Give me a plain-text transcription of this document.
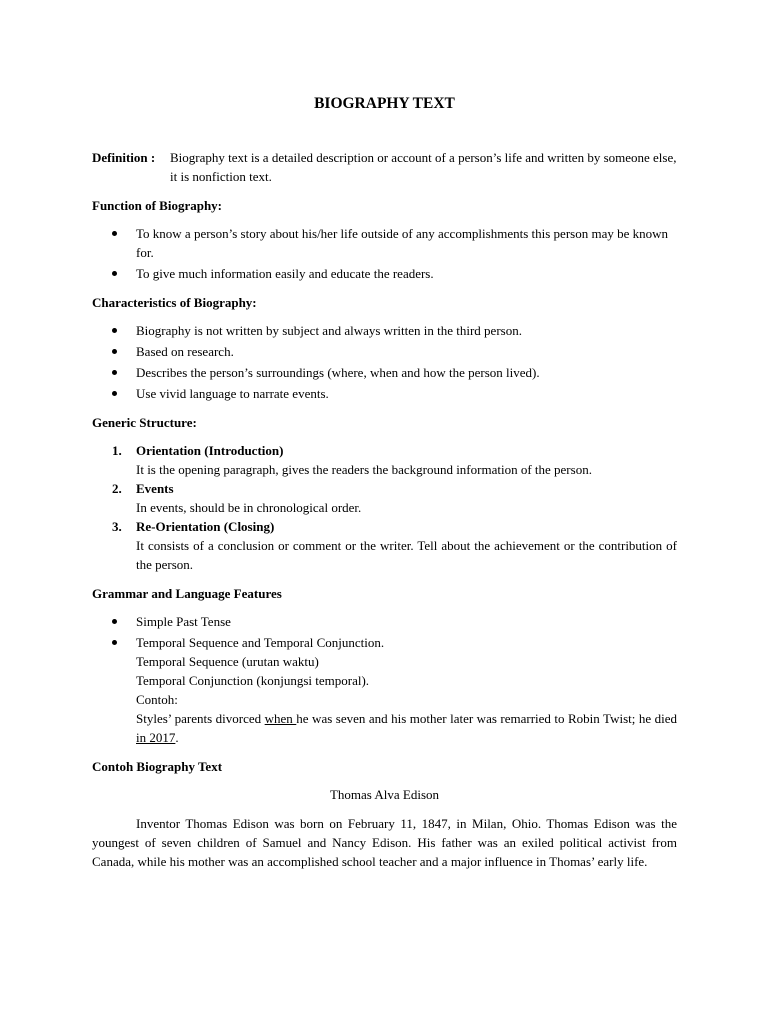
BIOGRAPHY TEXT
Definition :	Biography text is a detailed description or account of a person’s life and written by someone else, it is nonfiction text.
Function of Biography:
To know a person’s story about his/her life outside of any accomplishments this person may be known for.
To give much information easily and educate the readers.
Characteristics of Biography:
Biography is not written by subject and always written in the third person.
Based on research.
Describes the person’s surroundings (where, when and how the person lived).
Use vivid language to narrate events.
Generic Structure:
1. Orientation (Introduction)
It is the opening paragraph, gives the readers the background information of the person.
2. Events
In events, should be in chronological order.
3. Re-Orientation (Closing)
It consists of a conclusion or comment or the writer. Tell about the achievement or the contribution of the person.
Grammar and Language Features
Simple Past Tense
Temporal Sequence and Temporal Conjunction.
Temporal Sequence (urutan waktu)
Temporal Conjunction (konjungsi temporal).
Contoh:
Styles’ parents divorced when he was seven and his mother later was remarried to Robin Twist; he died in 2017.
Contoh Biography Text
Thomas Alva Edison
Inventor Thomas Edison was born on February 11, 1847, in Milan, Ohio. Thomas Edison was the youngest of seven children of Samuel and Nancy Edison. His father was an exiled political activist from Canada, while his mother was an accomplished school teacher and a major influence in Thomas’ early life.
